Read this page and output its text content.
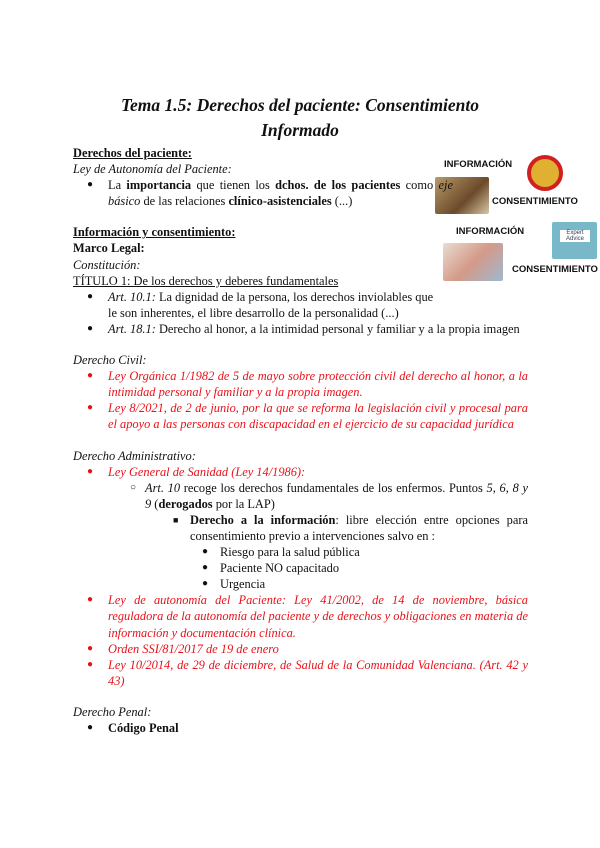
Tema 1.5: Derechos del paciente: Consentimiento
Informado
INFORMACIÓN
CONSENTIMIENTO
INFORMACIÓN	Expert Advice
CONSENTIMIENTO

Derechos del paciente:

Ley de Autonomía del Paciente:

● La importancia que tienen los dchos. de los pacientes como eje básico de las relaciones clínico-asistenciales (...)

Información y consentimiento:

Marco Legal:

Constitución:

TÍTULO 1: De los derechos y deberes fundamentales

● Art. 10.1: La dignidad de la persona, los derechos inviolables que le son inherentes, el libre desarrollo de la personalidad (...)
● Art. 18.1: Derecho al honor, a la intimidad personal y familiar y a la propia imagen

Derecho Civil:

● Ley Orgánica 1/1982 de 5 de mayo sobre protección civil del derecho al honor, a la intimidad personal y familiar y a la propia imagen.
● Ley 8/2021, de 2 de junio, por la que se reforma la legislación civil y procesal para el apoyo a las personas con discapacidad en el ejercicio de su capacidad jurídica

Derecho Administrativo:

● Ley General de Sanidad (Ley 14/1986):
○ Art. 10 recoge los derechos fundamentales de los enfermos. Puntos 5, 6, 8 y 9 (derogados por la LAP)
■ Derecho a la información: libre elección entre opciones para consentimiento previo a intervenciones salvo en :
● Riesgo para la salud pública
● Paciente NO capacitado
● Urgencia
● Ley de autonomía del Paciente: Ley 41/2002, de 14 de noviembre, básica reguladora de la autonomía del paciente y de derechos y obligaciones en materia de información y documentación clínica.
● Orden SSI/81/2017 de 19 de enero
● Ley 10/2014, de 29 de diciembre, de Salud de la Comunidad Valenciana. (Art. 42 y 43)

Derecho Penal:

● Código Penal
